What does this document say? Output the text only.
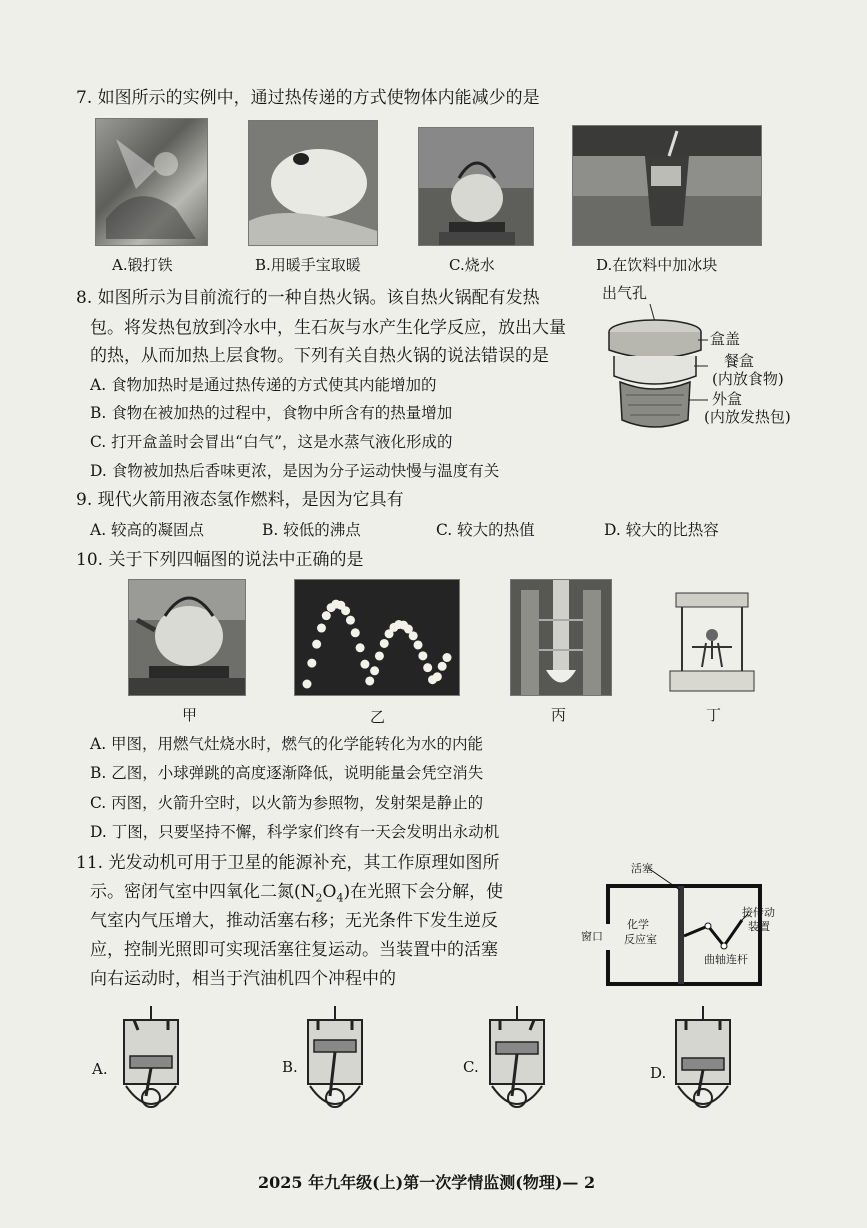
7. 如图所示的实例中，通过热传递的方式使物体内能减少的是
A.锻打铁	B.用暖手宝取暖	C.烧水	D.在饮料中加冰块
8. 如图所示为目前流行的一种自热火锅。该自热火锅配有发热
包。将发热包放到冷水中，生石灰与水产生化学反应，放出大量
的热，从而加热上层食物。下列有关自热火锅的说法错误的是
A. 食物加热时是通过热传递的方式使其内能增加的
B. 食物在被加热的过程中，食物中所含有的热量增加
C. 打开盒盖时会冒出“白气”，这是水蒸气液化形成的
D. 食物被加热后香味更浓，是因为分子运动快慢与温度有关
出气孔
盒盖
餐盒
(内放食物)
外盒
(内放发热包)
9. 现代火箭用液态氢作燃料，是因为它具有
A. 较高的凝固点	B. 较低的沸点	C. 较大的热值	D. 较大的比热容
10. 关于下列四幅图的说法中正确的是
甲	乙	丙	丁
A. 甲图，用燃气灶烧水时，燃气的化学能转化为水的内能
B. 乙图，小球弹跳的高度逐渐降低，说明能量会凭空消失
C. 丙图，火箭升空时，以火箭为参照物，发射架是静止的
D. 丁图，只要坚持不懈，科学家们终有一天会发明出永动机
11. 光发动机可用于卫星的能源补充，其工作原理如图所
示。密闭气室中四氧化二氮$(N_2O_4)$在光照下会分解，使
气室内气压增大，推动活塞右移；无光条件下发生逆反
应，控制光照即可实现活塞往复运动。当装置中的活塞
向右运动时，相当于汽油机四个冲程中的
活塞
窗口
化学
反应室
接传动
装置
曲轴连杆
A.	B.	C.	D.
2025 年九年级(上)第一次学情监测(物理)— 2
